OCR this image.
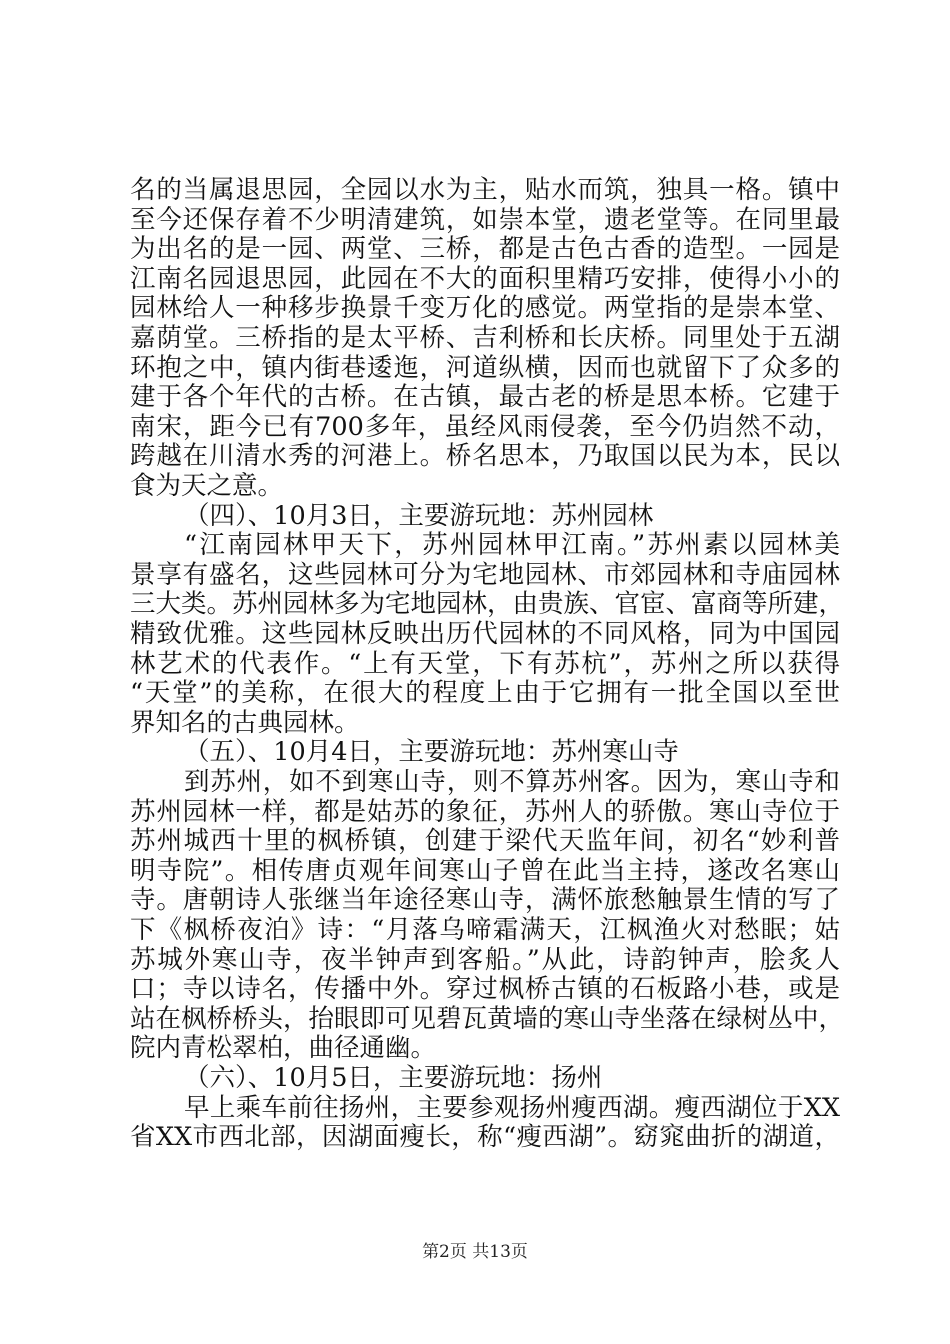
名的当属退思园，全园以水为主，贴水而筑，独具一格。镇中
至今还保存着不少明清建筑，如崇本堂，遗老堂等。在同里最
为出名的是一园、两堂、三桥，都是古色古香的造型。一园是
江南名园退思园，此园在不大的面积里精巧安排，使得小小的
园林给人一种移步换景千变万化的感觉。两堂指的是崇本堂、
嘉荫堂。三桥指的是太平桥、吉利桥和长庆桥。同里处于五湖
环抱之中，镇内街巷逶迤，河道纵横，因而也就留下了众多的
建于各个年代的古桥。在古镇，最古老的桥是思本桥。它建于
南宋，距今已有700多年，虽经风雨侵袭，至今仍岿然不动，
跨越在川清水秀的河港上。桥名思本，乃取国以民为本，民以
食为天之意。
（四）、10月3日，主要游玩地：苏州园林
“江南园林甲天下，苏州园林甲江南。”苏州素以园林美
景享有盛名，这些园林可分为宅地园林、市郊园林和寺庙园林
三大类。苏州园林多为宅地园林，由贵族、官宦、富商等所建，
精致优雅。这些园林反映出历代园林的不同风格，同为中国园
林艺术的代表作。“上有天堂，下有苏杭”，苏州之所以获得
“天堂”的美称，在很大的程度上由于它拥有一批全国以至世
界知名的古典园林。
（五）、10月4日，主要游玩地：苏州寒山寺
到苏州，如不到寒山寺，则不算苏州客。因为，寒山寺和
苏州园林一样，都是姑苏的象征，苏州人的骄傲。寒山寺位于
苏州城西十里的枫桥镇，创建于梁代天监年间，初名“妙利普
明寺院”。相传唐贞观年间寒山子曾在此当主持，遂改名寒山
寺。唐朝诗人张继当年途径寒山寺，满怀旅愁触景生情的写了
下《枫桥夜泊》诗：“月落乌啼霜满天，江枫渔火对愁眠；姑
苏城外寒山寺，夜半钟声到客船。”从此，诗韵钟声，脍炙人
口；寺以诗名，传播中外。穿过枫桥古镇的石板路小巷，或是
站在枫桥桥头，抬眼即可见碧瓦黄墙的寒山寺坐落在绿树丛中，
院内青松翠柏，曲径通幽。
（六）、10月5日，主要游玩地：扬州
早上乘车前往扬州，主要参观扬州瘦西湖。瘦西湖位于XX
省XX市西北部，因湖面瘦长，称“瘦西湖”。窈窕曲折的湖道，
第2页 共13页
